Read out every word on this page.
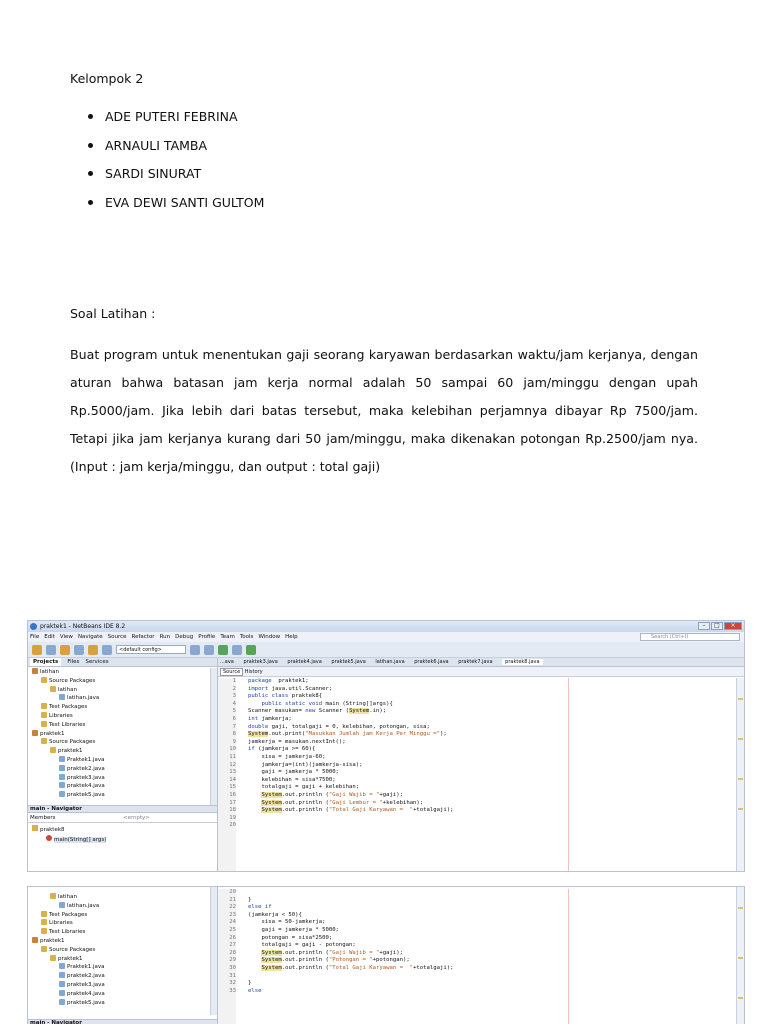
Kelompok 2
ADE PUTERI FEBRINA
ARNAULI TAMBA
SARDI SINURAT
EVA DEWI SANTI GULTOM
Soal Latihan :
Buat program untuk menentukan gaji seorang karyawan berdasarkan waktu/jam kerjanya, dengan aturan bahwa batasan jam kerja normal adalah 50 sampai 60 jam/minggu dengan upah Rp.5000/jam. Jika lebih dari batas tersebut, maka kelebihan perjamnya dibayar Rp 7500/jam. Tetapi jika jam kerjanya kurang dari 50 jam/minggu, maka dikenakan potongan Rp.2500/jam nya. (Input : jam kerja/minggu, dan output : total gaji)
praktek1 - NetBeans IDE 8.2	–	□	×
File Edit View Navigate Source Refactor Run Debug Profile Team Tools Window Help	Search (Ctrl+I)
<default config>
Projects	Files Services
latihan
Source Packages
latihan
latihan.java
Test Packages
Libraries
Test Libraries
praktek1
Source Packages
praktek1
Praktek1.java
praktek2.java
praktek3.java
praktek4.java
praktek5.java
main - Navigator
Members	<empty>
praktek8
main(String[] args)
...ava praktek3.java praktek4.java praktek5.java latihan.java praktek6.java praktek7.java	praktek8.java
Source History
1 package  praktek1;
2 import java.util.Scanner;
3 public class praktek8{
4	public static void main (String[]args){
5 Scanner masukan= new Scanner (System.in);
6 int jamkerja;
7 double gaji, totalgaji = 0, kelebihan, potongan, sisa;
8 System.out.print("Masukkan Jumlah jam Kerja Per Minggu =");
9 jamkerja = masukan.nextInt();
10 if (jamkerja >= 60){
11    sisa = jamkerja-60;
12    jamkerja=(int)(jamkerja-sisa);
13    gaji = jamkerja * 5000;
14    kelebihan = sisa*7500;
15    totalgaji = gaji + kelebihan;
16	System.out.println ("Gaji Wajib = "+gaji);
17	System.out.println ("Gaji Lembur = "+kelebihan);
18	System.out.println ("Total Gaji Karyawan =  "+totalgaji);
19
20
latihan
latihan.java
Test Packages
Libraries
Test Libraries
praktek1
Source Packages
praktek1
Praktek1.java
praktek2.java
praktek3.java
praktek4.java
praktek5.java
main - Navigator
20
21 }
22 else if
23 (jamkerja < 50){
24    sisa = 50-jamkerja;
25    gaji = jamkerja * 5000;
26    potongan = sisa*2500;
27    totalgaji = gaji - potongan;
28	System.out.println ("Gaji Wajib = "+gaji);
29	System.out.println ("Potongan = "+potongan);
30	System.out.println ("Total Gaji Karyawan =  "+totalgaji);
31
32 }
33 else
